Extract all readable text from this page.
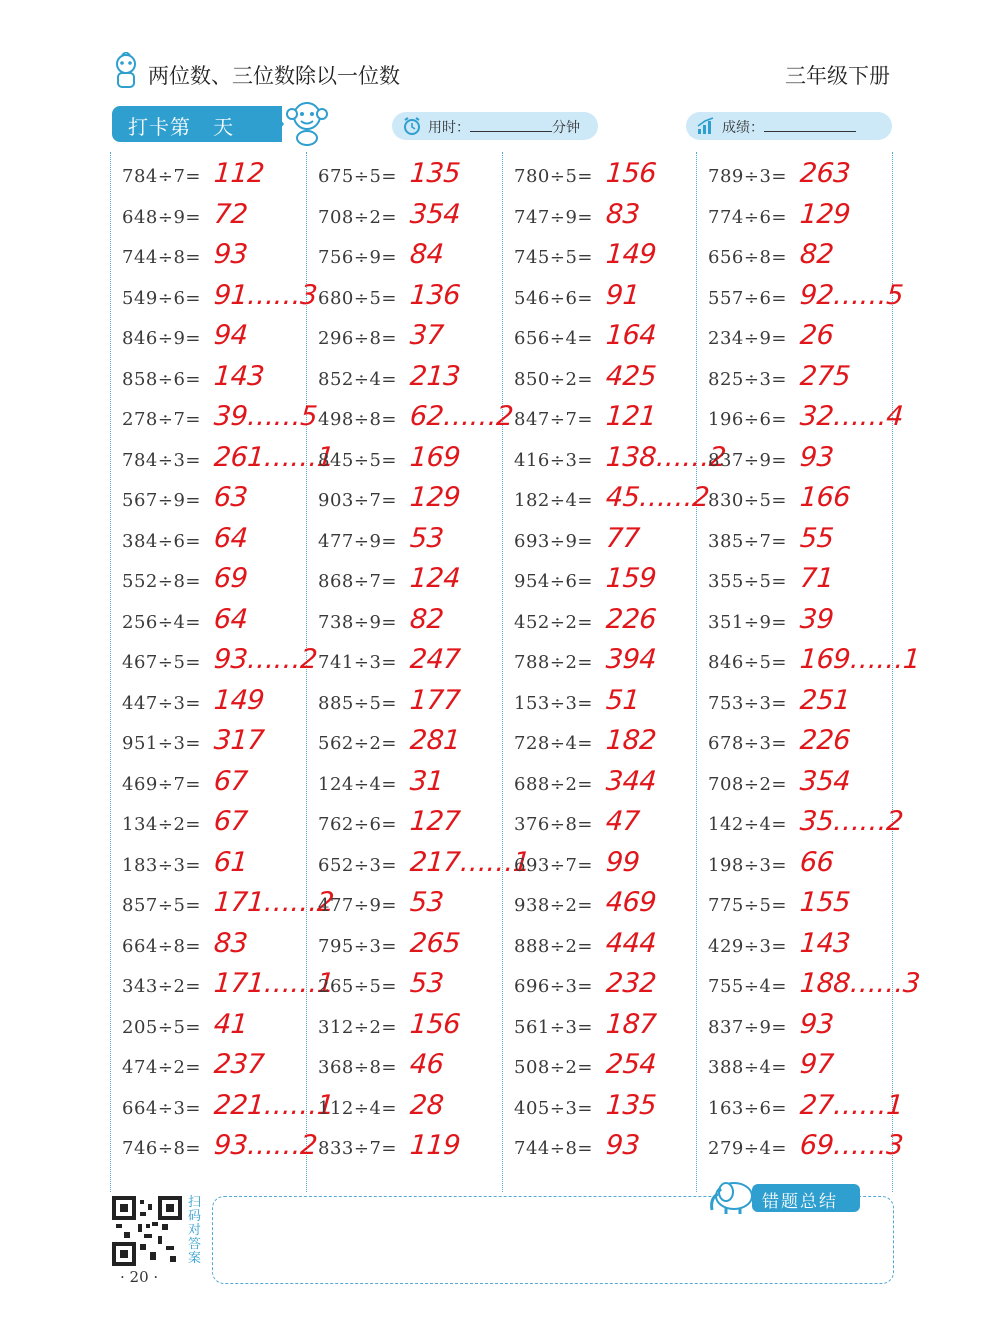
两位数、三位数除以一位数	三年级下册
打卡第   天	用时：	分钟	成绩：
784÷7= 112
648÷9= 72
744÷8= 93
549÷6= 91……3
846÷9= 94
858÷6= 143
278÷7= 39……5
784÷3= 261……1
567÷9= 63
384÷6= 64
552÷8= 69
256÷4= 64
467÷5= 93……2
447÷3= 149
951÷3= 317
469÷7= 67
134÷2= 67
183÷3= 61
857÷5= 171……2
664÷8= 83
343÷2= 171……1
205÷5= 41
474÷2= 237
664÷3= 221……1
746÷8= 93……2
675÷5= 135
708÷2= 354
756÷9= 84
680÷5= 136
296÷8= 37
852÷4= 213
498÷8= 62……2
845÷5= 169
903÷7= 129
477÷9= 53
868÷7= 124
738÷9= 82
741÷3= 247
885÷5= 177
562÷2= 281
124÷4= 31
762÷6= 127
652÷3= 217……1
477÷9= 53
795÷3= 265
265÷5= 53
312÷2= 156
368÷8= 46
112÷4= 28
833÷7= 119
780÷5= 156
747÷9= 83
745÷5= 149
546÷6= 91
656÷4= 164
850÷2= 425
847÷7= 121
416÷3= 138……2
182÷4= 45……2
693÷9= 77
954÷6= 159
452÷2= 226
788÷2= 394
153÷3= 51
728÷4= 182
688÷2= 344
376÷8= 47
693÷7= 99
938÷2= 469
888÷2= 444
696÷3= 232
561÷3= 187
508÷2= 254
405÷3= 135
744÷8= 93
789÷3= 263
774÷6= 129
656÷8= 82
557÷6= 92……5
234÷9= 26
825÷3= 275
196÷6= 32……4
837÷9= 93
830÷5= 166
385÷7= 55
355÷5= 71
351÷9= 39
846÷5= 169……1
753÷3= 251
678÷3= 226
708÷2= 354
142÷4= 35……2
198÷3= 66
775÷5= 155
429÷3= 143
755÷4= 188……3
837÷9= 93
388÷4= 97
163÷6= 27……1
279÷4= 69……3
扫码对答案
· 20 ·
错题总结
